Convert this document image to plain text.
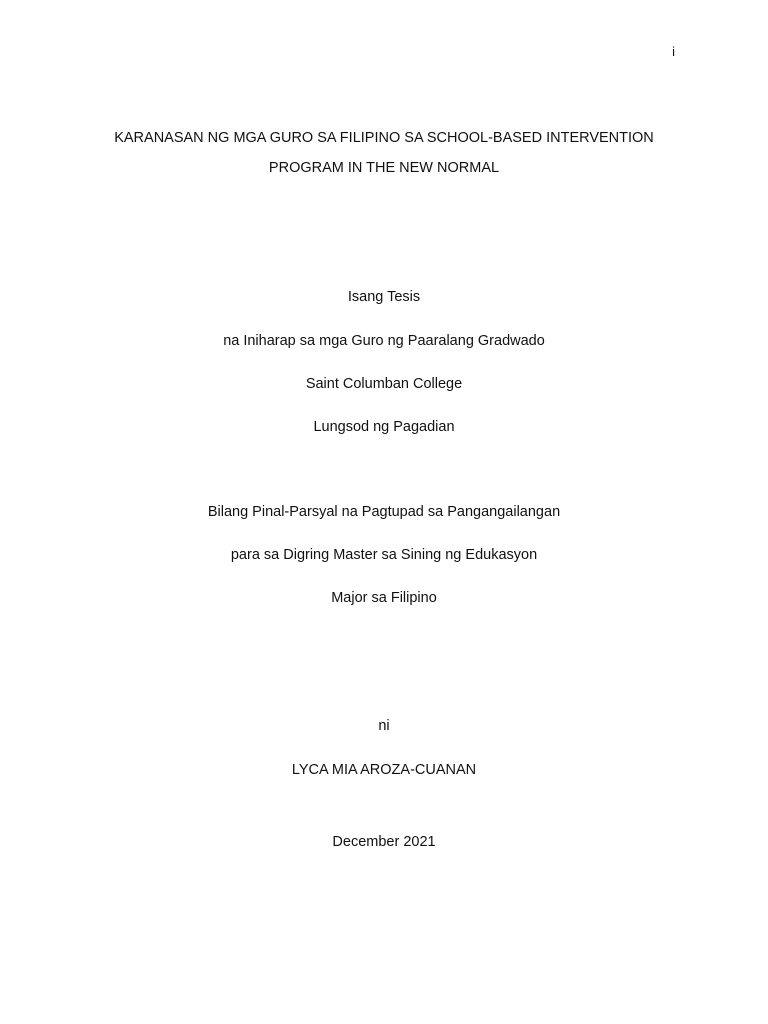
i
KARANASAN NG MGA GURO SA FILIPINO SA SCHOOL-BASED INTERVENTION
PROGRAM IN THE NEW NORMAL
Isang Tesis
na Iniharap sa mga Guro ng Paaralang Gradwado
Saint Columban College
Lungsod ng Pagadian
Bilang Pinal-Parsyal na Pagtupad sa Pangangailangan
para sa Digring Master sa Sining ng Edukasyon
Major sa Filipino
ni
LYCA MIA AROZA-CUANAN
December 2021
